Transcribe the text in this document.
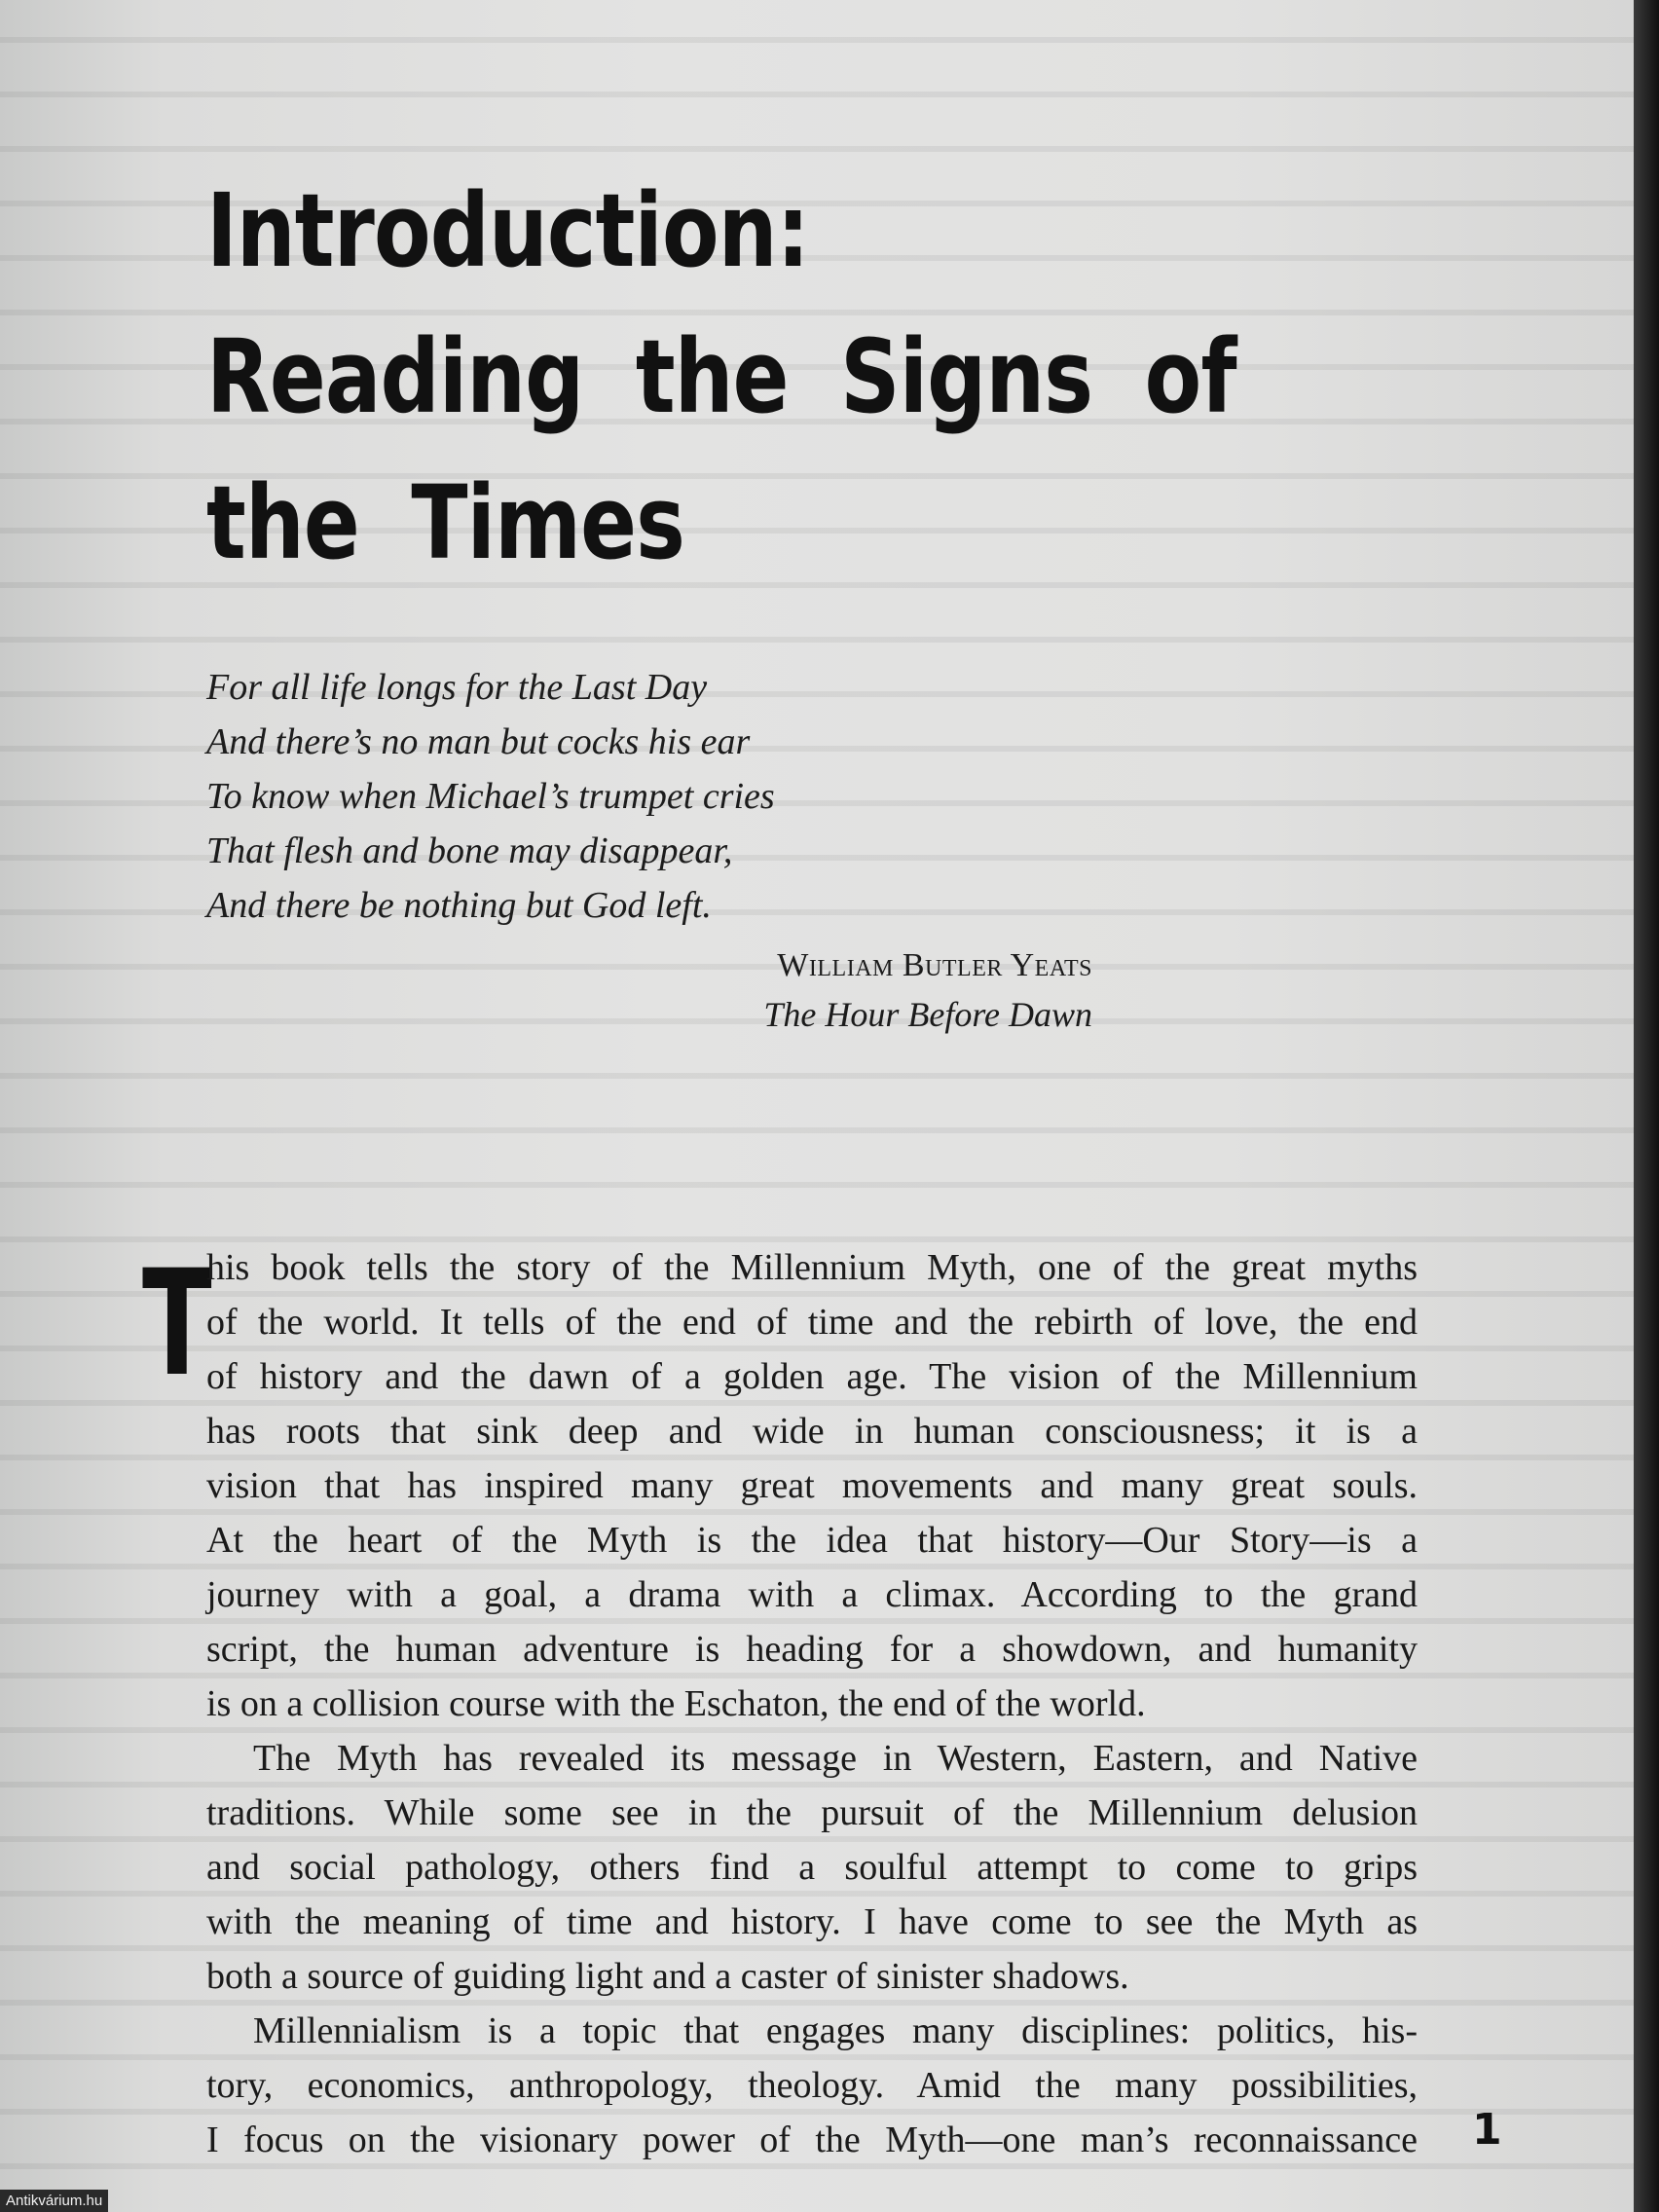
Introduction:
Reading the Signs of
the Times
For all life longs for the Last Day
And there’s no man but cocks his ear
To know when Michael’s trumpet cries
That flesh and bone may disappear,
And there be nothing but God left.
William Butler Yeats
The Hour Before Dawn
T
his book tells the story of the Millennium Myth, one of the great myths
of the world. It tells of the end of time and the rebirth of love, the end
of history and the dawn of a golden age. The vision of the Millennium
has roots that sink deep and wide in human consciousness; it is a
vision that has inspired many great movements and many great souls.
At the heart of the Myth is the idea that history—Our Story—is a
journey with a goal, a drama with a climax. According to the grand
script, the human adventure is heading for a showdown, and humanity
is on a collision course with the Eschaton, the end of the world.
The Myth has revealed its message in Western, Eastern, and Native
traditions. While some see in the pursuit of the Millennium delusion
and social pathology, others find a soulful attempt to come to grips
with the meaning of time and history. I have come to see the Myth as
both a source of guiding light and a caster of sinister shadows.
Millennialism is a topic that engages many disciplines: politics, his-
tory, economics, anthropology, theology. Amid the many possibilities,
I focus on the visionary power of the Myth—one man’s reconnaissance 1
Antikvárium.hu
